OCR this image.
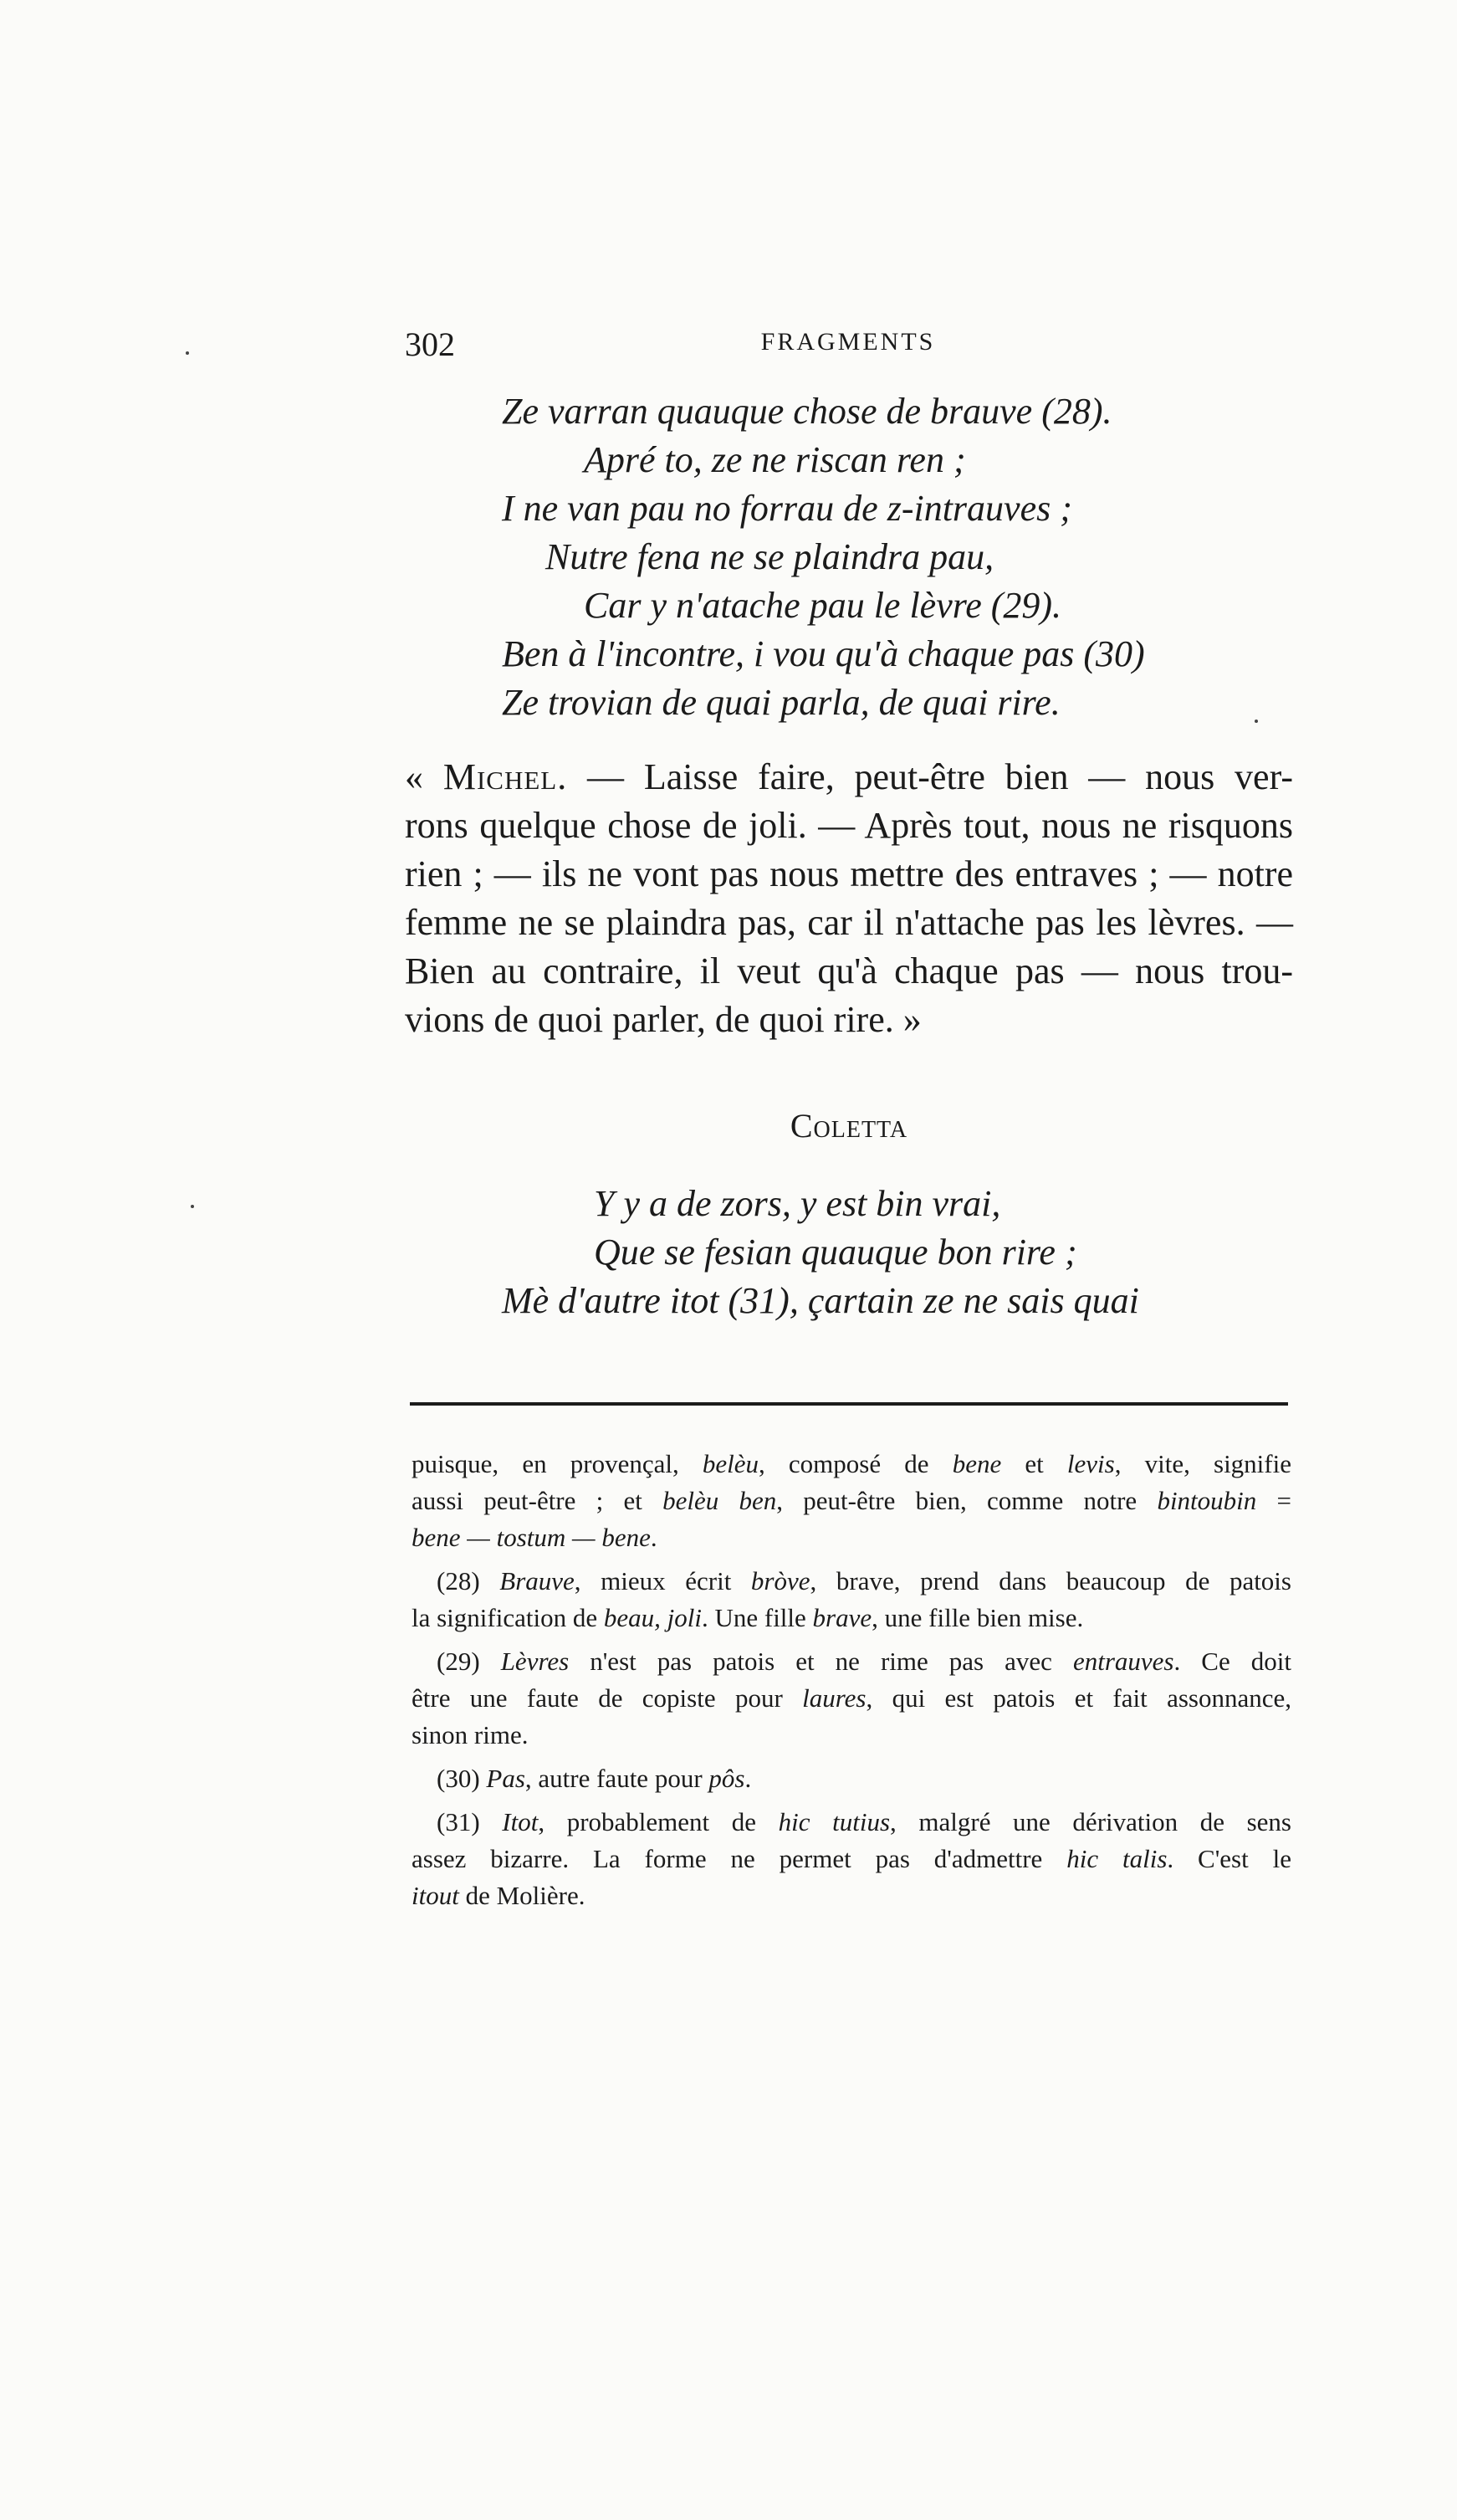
302	FRAGMENTS
Ze varran quauque chose de brauve (28).
Apré to, ze ne riscan ren ;
I ne van pau no forrau de z-intrauves ;
Nutre fena ne se plaindra pau,
Car y n'atache pau le lèvre (29).
Ben à l'incontre, i vou qu'à chaque pas (30)
Ze trovian de quai parla, de quai rire.
« Michel. — Laisse faire, peut-être bien — nous ver-
rons quelque chose de joli. — Après tout, nous ne risquons
rien ; — ils ne vont pas nous mettre des entraves ; — notre
femme ne se plaindra pas, car il n'attache pas les lèvres. —
Bien au contraire, il veut qu'à chaque pas — nous trou-
vions de quoi parler, de quoi rire. »
Coletta
Y y a de zors, y est bin vrai,
Que se fesian quauque bon rire ;
Mè d'autre itot (31), çartain ze ne sais quai
puisque, en provençal, belèu, composé de bene et levis, vite, signifie
aussi peut-être ; et belèu ben, peut-être bien, comme notre bintoubin =
bene — tostum — bene.
(28) Brauve, mieux écrit bròve, brave, prend dans beaucoup de patois
la signification de beau, joli. Une fille brave, une fille bien mise.
(29) Lèvres n'est pas patois et ne rime pas avec entrauves. Ce doit
être une faute de copiste pour laures, qui est patois et fait assonnance,
sinon rime.
(30) Pas, autre faute pour pôs.
(31) Itot, probablement de hic tutius, malgré une dérivation de sens
assez bizarre. La forme ne permet pas d'admettre hic talis. C'est le
itout de Molière.
